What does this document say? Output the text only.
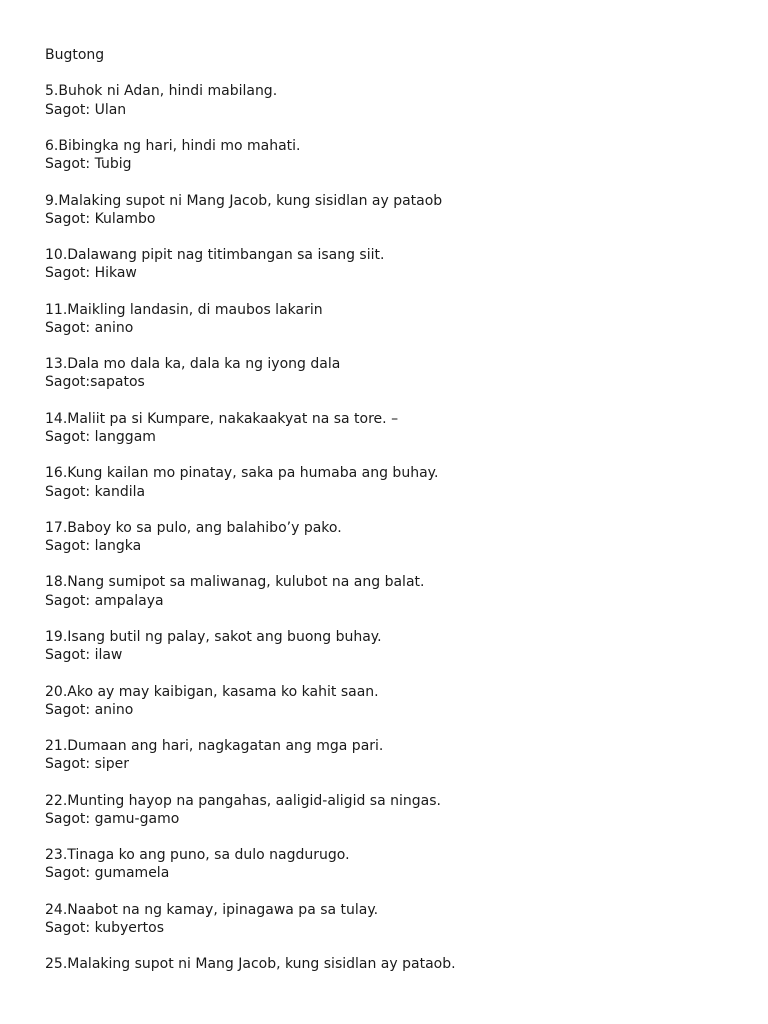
Bugtong
5.Buhok ni Adan, hindi mabilang.
Sagot: Ulan
6.Bibingka ng hari, hindi mo mahati.
Sagot: Tubig
9.Malaking supot ni Mang Jacob, kung sisidlan ay pataob
Sagot: Kulambo
10.Dalawang pipit nag titimbangan sa isang siit.
Sagot: Hikaw
11.Maikling landasin, di maubos lakarin
Sagot: anino
13.Dala mo dala ka, dala ka ng iyong dala
Sagot:sapatos
14.Maliit pa si Kumpare, nakakaakyat na sa tore. –
Sagot: langgam
16.Kung kailan mo pinatay, saka pa humaba ang buhay.
Sagot: kandila
17.Baboy ko sa pulo, ang balahibo’y pako.
Sagot: langka
18.Nang sumipot sa maliwanag, kulubot na ang balat.
Sagot: ampalaya
19.Isang butil ng palay, sakot ang buong buhay.
Sagot: ilaw
20.Ako ay may kaibigan, kasama ko kahit saan.
Sagot: anino
21.Dumaan ang hari, nagkagatan ang mga pari.
Sagot: siper
22.Munting hayop na pangahas, aaligid-aligid sa ningas.
Sagot: gamu-gamo
23.Tinaga ko ang puno, sa dulo nagdurugo.
Sagot: gumamela
24.Naabot na ng kamay, ipinagawa pa sa tulay.
Sagot: kubyertos
25.Malaking supot ni Mang Jacob, kung sisidlan ay pataob.
